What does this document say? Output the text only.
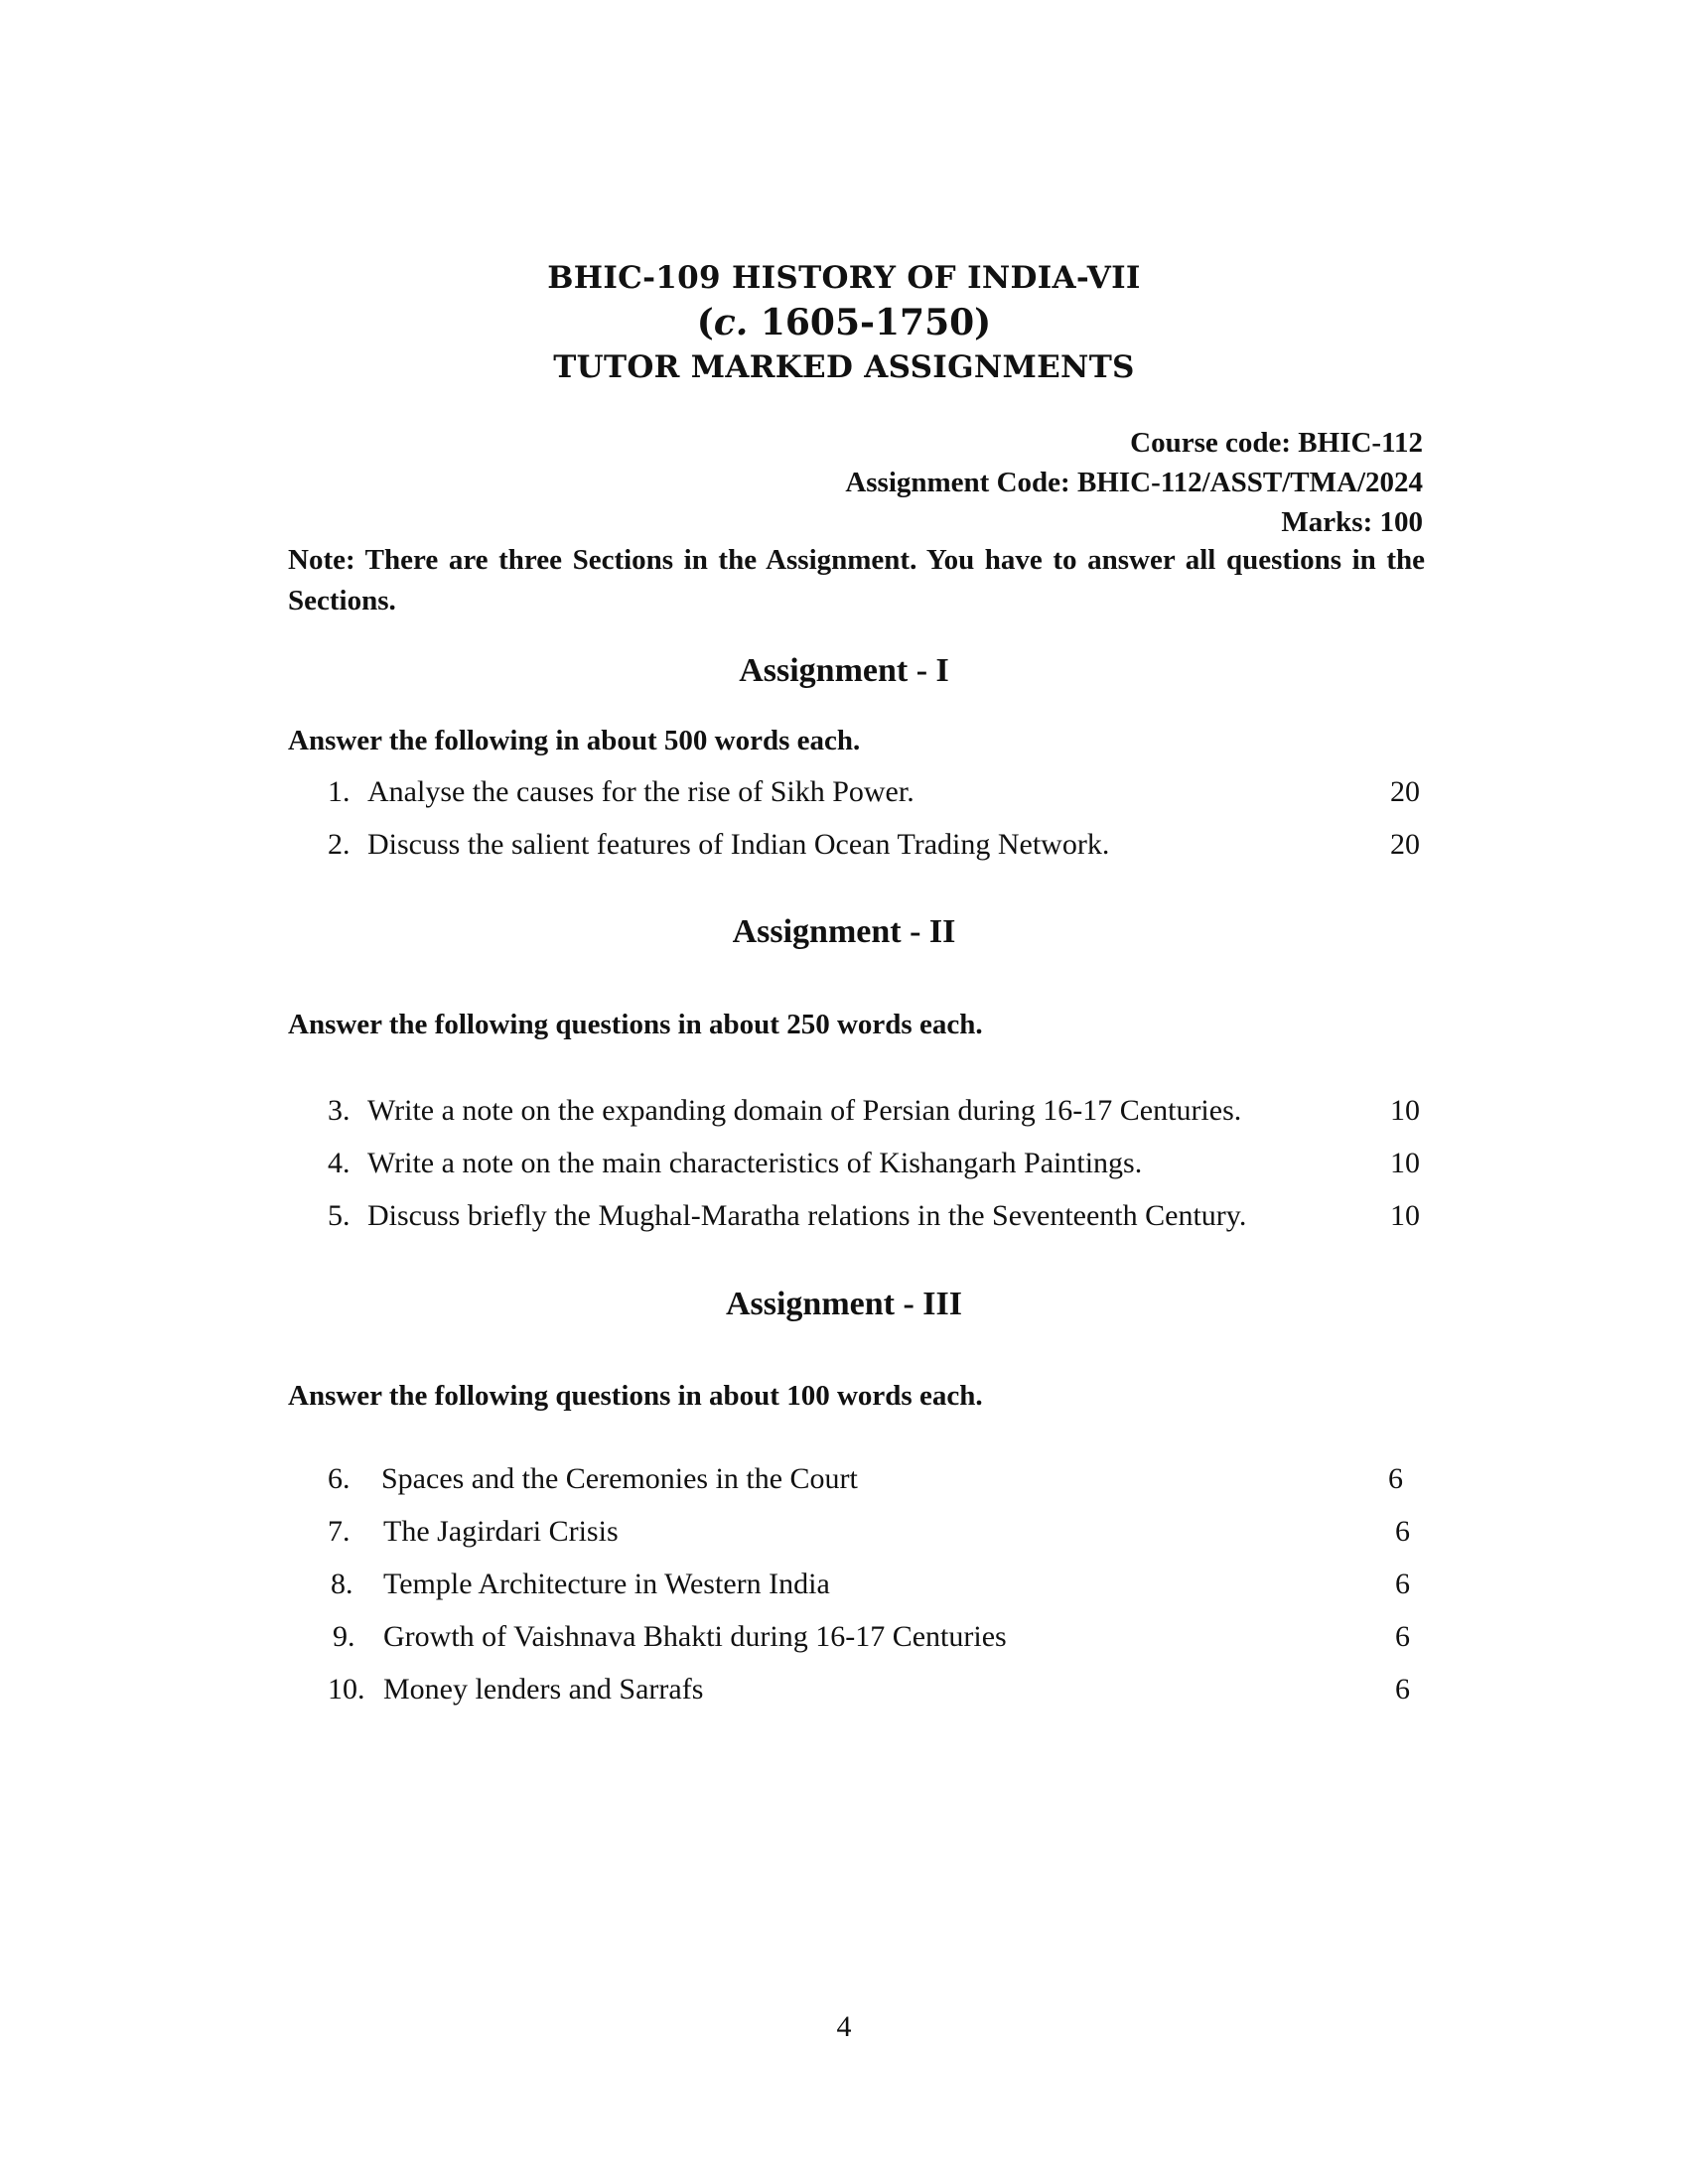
BHIC-109 HISTORY OF INDIA-VII
(c. 1605-1750)
TUTOR MARKED ASSIGNMENTS
Course code: BHIC-112
Assignment Code: BHIC-112/ASST/TMA/2024
Marks: 100
Note: There are three Sections in the Assignment. You have to answer all questions in the Sections.
Assignment - I
Answer the following in about 500 words each.
1. Analyse the causes for the rise of Sikh Power.	20
2. Discuss the salient features of Indian Ocean Trading Network.	20
Assignment - II
Answer the following questions in about 250 words each.
3. Write a note on the expanding domain of Persian during 16-17 Centuries.	10
4. Write a note on the main characteristics of Kishangarh Paintings.	10
5. Discuss briefly the Mughal-Maratha relations in the Seventeenth Century.	10
Assignment - III
Answer the following questions in about 100 words each.
6. Spaces and the Ceremonies in the Court	6
7. The Jagirdari Crisis	6
8. Temple Architecture in Western India	6
9. Growth of Vaishnava Bhakti during 16-17 Centuries	6
10. Money lenders and Sarrafs	6
4
